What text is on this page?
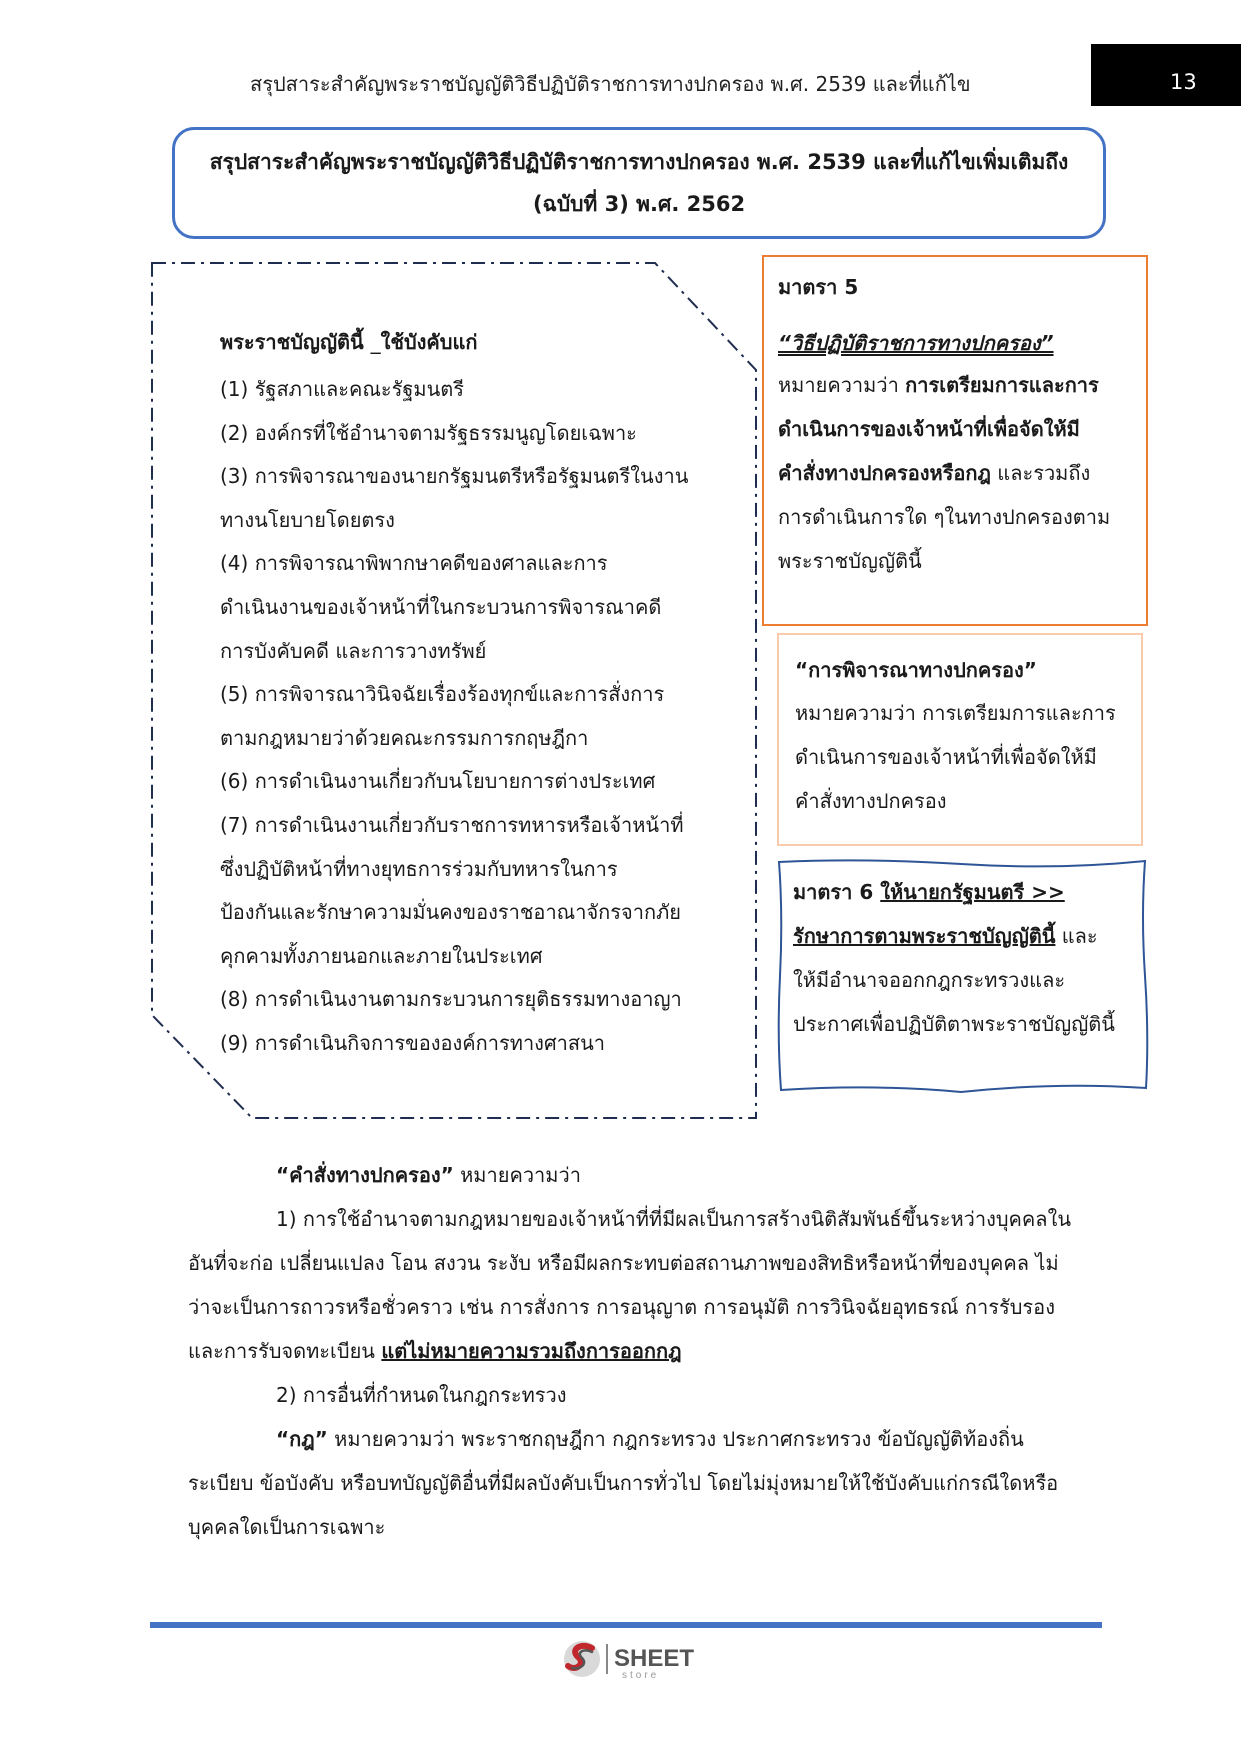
สรุปสาระสำคัญพระราชบัญญัติวิธีปฏิบัติราชการทางปกครอง พ.ศ. 2539 และที่แก้ไข	13
สรุปสาระสำคัญพระราชบัญญัติวิธีปฏิบัติราชการทางปกครอง พ.ศ. 2539 และที่แก้ไขเพิ่มเติมถึง
(ฉบับที่ 3) พ.ศ. 2562
พระราชบัญญัตินี้ _ใช้บังคับแก่
(1) รัฐสภาและคณะรัฐมนตรี
(2) องค์กรที่ใช้อำนาจตามรัฐธรรมนูญโดยเฉพาะ
(3) การพิจารณาของนายกรัฐมนตรีหรือรัฐมนตรีในงาน
ทางนโยบายโดยตรง
(4) การพิจารณาพิพากษาคดีของศาลและการ
ดำเนินงานของเจ้าหน้าที่ในกระบวนการพิจารณาคดี
การบังคับคดี และการวางทรัพย์
(5) การพิจารณาวินิจฉัยเรื่องร้องทุกข์และการสั่งการ
ตามกฎหมายว่าด้วยคณะกรรมการกฤษฎีกา
(6) การดำเนินงานเกี่ยวกับนโยบายการต่างประเทศ
(7) การดำเนินงานเกี่ยวกับราชการทหารหรือเจ้าหน้าที่
ซึ่งปฏิบัติหน้าที่ทางยุทธการร่วมกับทหารในการ
ป้องกันและรักษาความมั่นคงของราชอาณาจักรจากภัย
คุกคามทั้งภายนอกและภายในประเทศ
(8) การดำเนินงานตามกระบวนการยุติธรรมทางอาญา
(9) การดำเนินกิจการขององค์การทางศาสนา
มาตรา 5
“วิธีปฏิบัติราชการทางปกครอง”

หมายความว่า การเตรียมการและการ

ดำเนินการของเจ้าหน้าที่เพื่อจัดให้มี

คำสั่งทางปกครองหรือกฎ และรวมถึง

การดำเนินการใด ๆในทางปกครองตาม

พระราชบัญญัตินี้

“การพิจารณาทางปกครอง”

หมายความว่า การเตรียมการและการ

ดำเนินการของเจ้าหน้าที่เพื่อจัดให้มี

คำสั่งทางปกครอง

มาตรา 6 ให้นายกรัฐมนตรี >>

รักษาการตามพระราชบัญญัตินี้ และ

ให้มีอำนาจออกกฎกระทรวงและ

ประกาศเพื่อปฏิบัติตาพระราชบัญญัตินี้

“คำสั่งทางปกครอง” หมายความว่า

1) การใช้อำนาจตามกฎหมายของเจ้าหน้าที่ที่มีผลเป็นการสร้างนิติสัมพันธ์ขึ้นระหว่างบุคคลใน

อันที่จะก่อ เปลี่ยนแปลง โอน สงวน ระงับ หรือมีผลกระทบต่อสถานภาพของสิทธิหรือหน้าที่ของบุคคล ไม่

ว่าจะเป็นการถาวรหรือชั่วคราว เช่น การสั่งการ การอนุญาต การอนุมัติ การวินิจฉัยอุทธรณ์ การรับรอง

และการรับจดทะเบียน แต่ไม่หมายความรวมถึงการออกกฎ

2) การอื่นที่กำหนดในกฎกระทรวง

“กฎ” หมายความว่า พระราชกฤษฎีกา กฎกระทรวง ประกาศกระทรวง ข้อบัญญัติท้องถิ่น

ระเบียบ ข้อบังคับ หรือบทบัญญัติอื่นที่มีผลบังคับเป็นการทั่วไป โดยไม่มุ่งหมายให้ใช้บังคับแก่กรณีใดหรือ

บุคคลใดเป็นการเฉพาะ

SHEET
store
